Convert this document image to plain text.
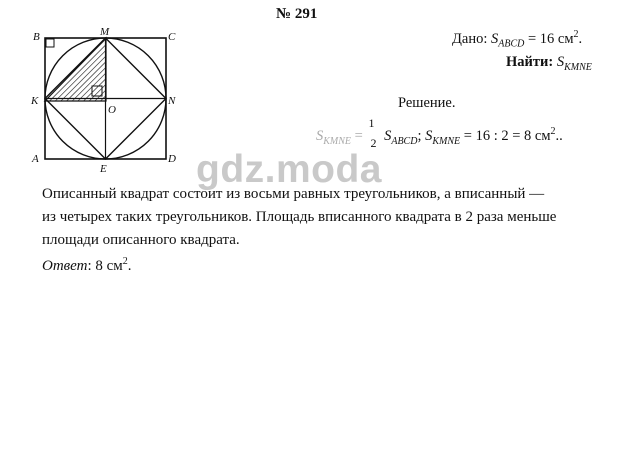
№ 291
B	M	C
K
O
N
A
E
D
Дано: $S_{ABCD} = 16$ $см^2$.
Найти: $S_{KMNE}$
Решение.
$S_{KMNE}$ =
1
2 $S_{ABCD}$; $S_{KMNE} = 16$ : 2 = 8 $см^2$..
gdz.moda
Описанный квадрат состоит из восьми равных треугольников, а вписанный —
из четырех таких треугольников. Площадь вписанного квадрата в 2 раза меньше
площади описанного квадрата.
Ответ: 8 $см^2$.
